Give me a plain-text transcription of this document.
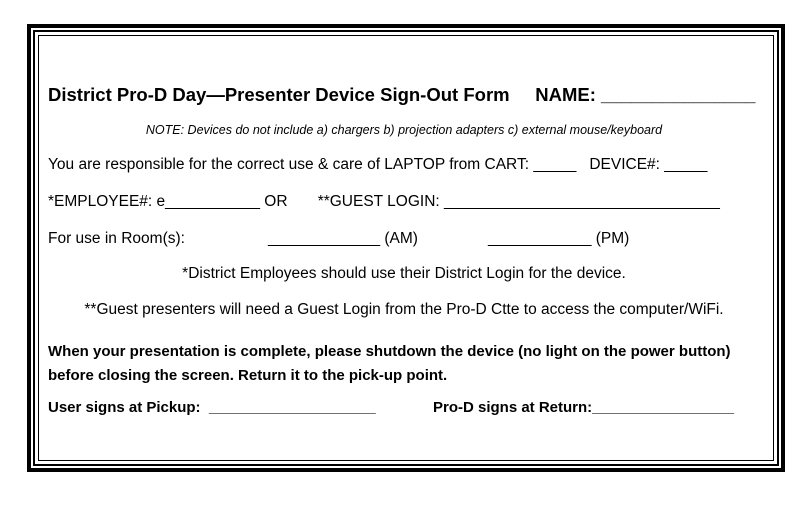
District Pro-D Day—Presenter Device Sign-Out Form     NAME: _______________
NOTE: Devices do not include a) chargers b) projection adapters c) external mouse/keyboard
You are responsible for the correct use & care of LAPTOP from CART: _____   DEVICE#: _____
*EMPLOYEE#: e___________ OR       **GUEST LOGIN: ________________________________
For use in Room(s):	_____________ (AM)	____________ (PM)
*District Employees should use their District Login for the device.
**Guest presenters will need a Guest Login from the Pro-D Ctte to access the computer/WiFi.
When your presentation is complete, please shutdown the device (no light on the power button) before closing the screen. Return it to the pick-up point.
User signs at Pickup:  ____________________	Pro-D signs at Return:_________________
